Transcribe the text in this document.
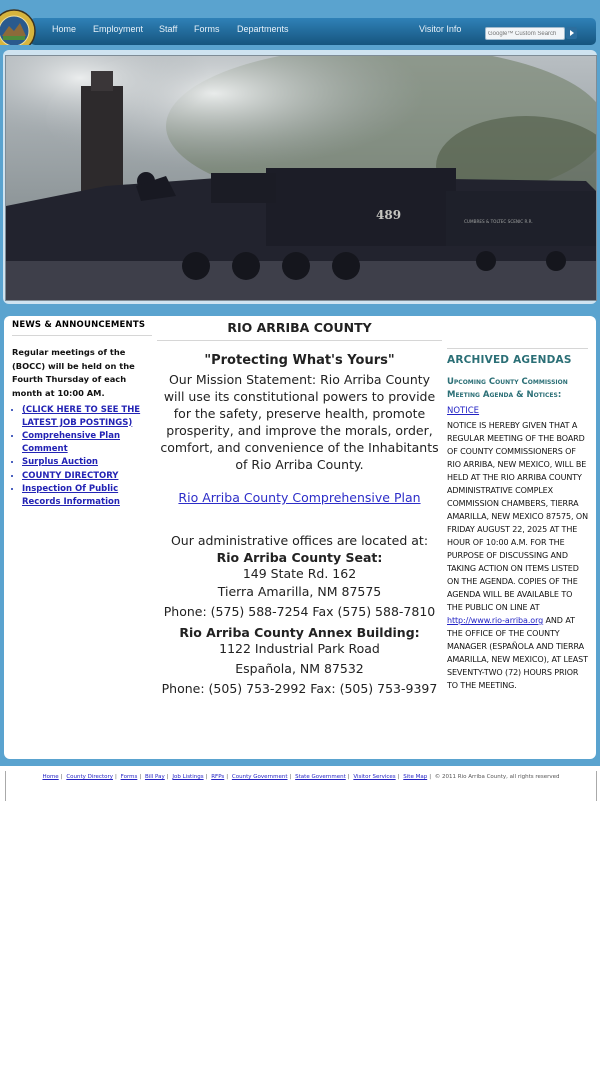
Home Employment Staff Forms Departments	Visitor Info
Google™ Custom Search
489	CUMBRES & TOLTEC SCENIC R.R.
NEWS & ANNOUNCEMENTS
Regular meetings of the (BOCC) will be held on the Fourth Thursday of each month at 10:00 AM.
▪ (CLICK HERE TO SEE THE LATEST JOB POSTINGS)
▪ Comprehensive Plan Comment
▪ Surplus Auction
▪ COUNTY DIRECTORY
▪ Inspection Of Public Records Information
RIO ARRIBA COUNTY
"Protecting What's Yours"
Our Mission Statement: Rio Arriba County will use its constitutional powers to provide for the safety, preserve health, promote prosperity, and improve the morals, order, comfort, and convenience of the Inhabitants of Rio Arriba County.
Rio Arriba County Comprehensive Plan
Our administrative offices are located at:
Rio Arriba County Seat:
149 State Rd. 162
Tierra Amarilla, NM 87575
Phone: (575) 588-7254 Fax (575) 588-7810
Rio Arriba County Annex Building:
1122 Industrial Park Road
Española, NM 87532
Phone: (505) 753-2992 Fax: (505) 753-9397
ARCHIVED AGENDAS
Upcoming County Commission Meeting Agenda & Notices:
NOTICE
NOTICE IS HEREBY GIVEN THAT A REGULAR MEETING OF THE BOARD OF COUNTY COMMISSIONERS OF RIO ARRIBA, NEW MEXICO, WILL BE HELD AT THE RIO ARRIBA COUNTY ADMINISTRATIVE COMPLEX COMMISSION CHAMBERS, TIERRA AMARILLA, NEW MEXICO 87575, ON FRIDAY AUGUST 22, 2025 AT THE HOUR OF 10:00 A.M. FOR THE PURPOSE OF DISCUSSING AND TAKING ACTION ON ITEMS LISTED ON THE AGENDA. COPIES OF THE AGENDA WILL BE AVAILABLE TO THE PUBLIC ON LINE AT http://www.rio-arriba.org AND AT THE OFFICE OF THE COUNTY MANAGER (ESPAÑOLA AND TIERRA AMARILLA, NEW MEXICO), AT LEAST SEVENTY-TWO (72) HOURS PRIOR TO THE MEETING.
Home | County Directory | Forms | Bill Pay | Job Listings | RFPs | County Government | State Government | Visitor Services | Site Map | © 2011 Rio Arriba County, all rights reserved
